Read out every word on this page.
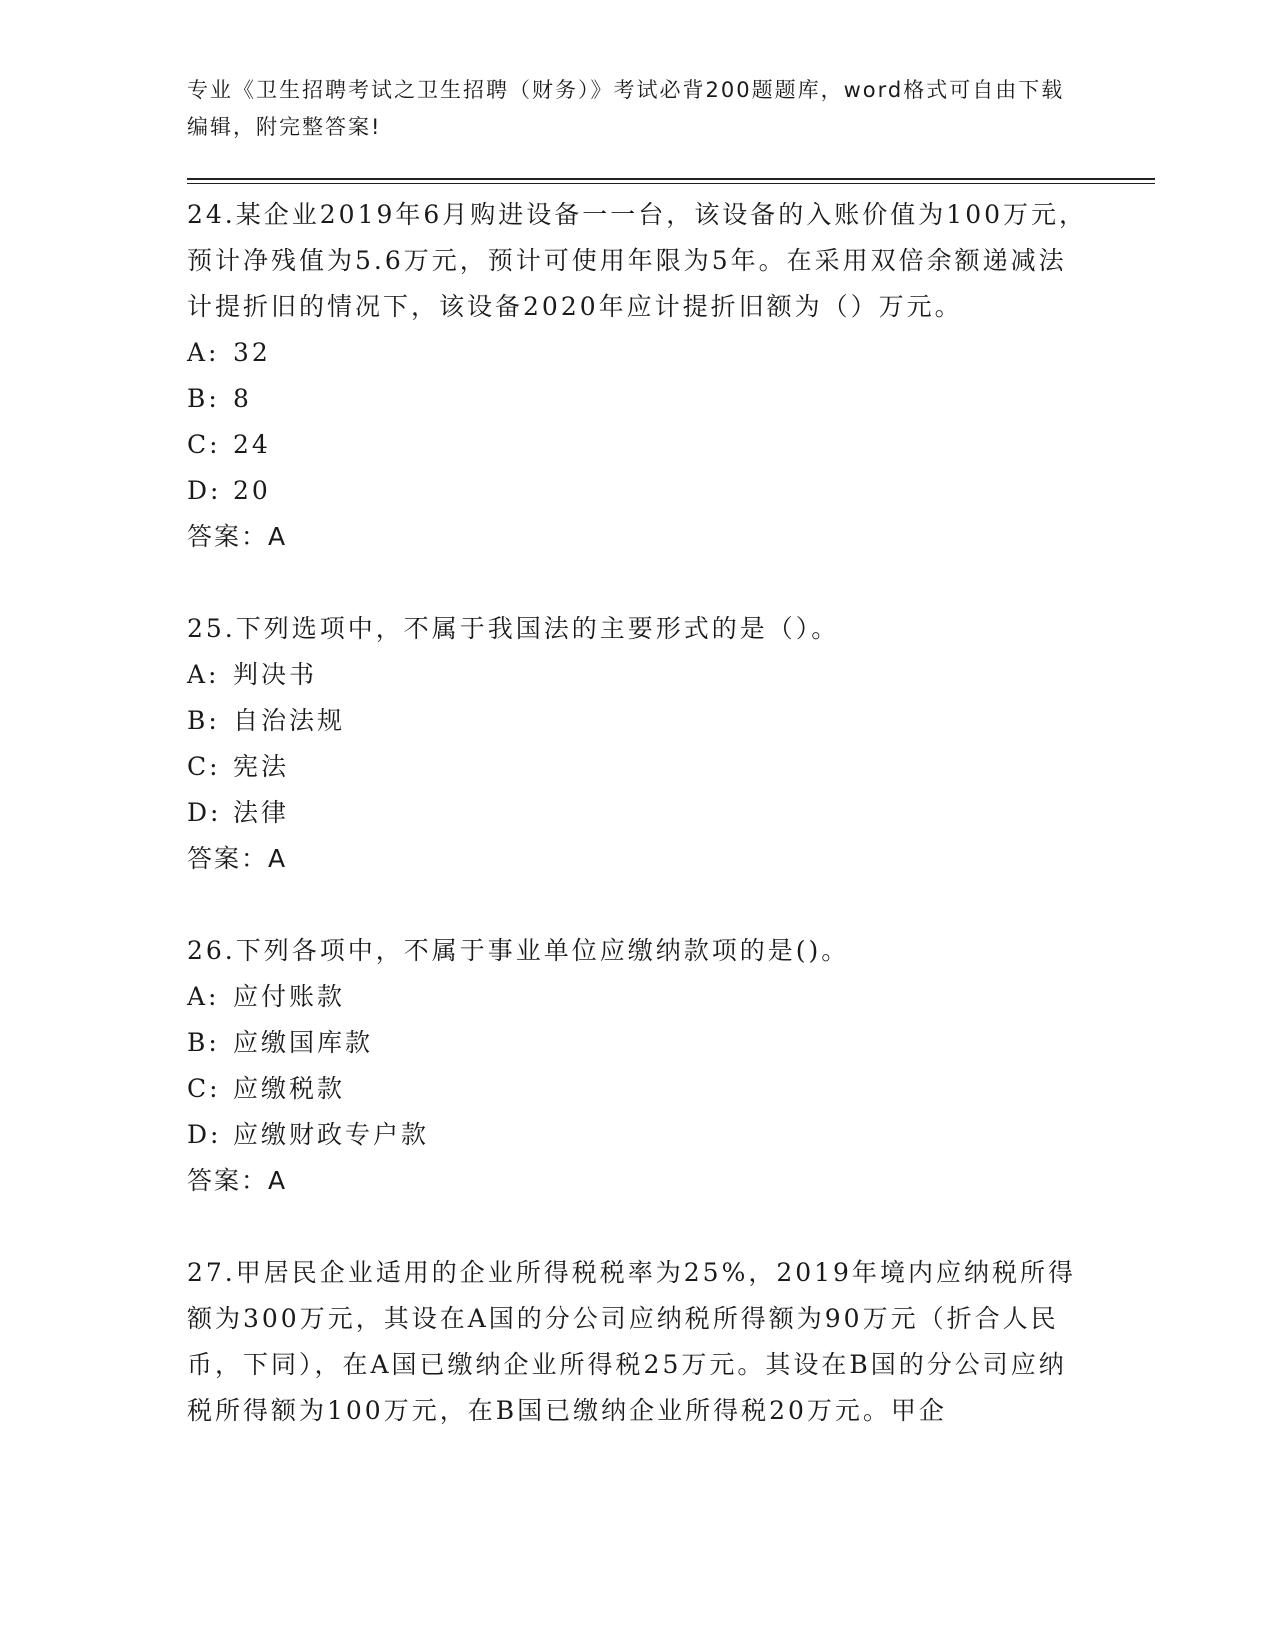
专业《卫生招聘考试之卫生招聘（财务）》考试必背200题题库，word格式可自由下载编辑，附完整答案!

24.某企业2019年6月购进设备一一台，该设备的入账价值为100万元，预计净残值为5.6万元，预计可使用年限为5年。在采用双倍余额递减法计提折旧的情况下，该设备2020年应计提折旧额为（）万元。

A: 32

B: 8

C: 24

D: 20

答案：A

25.下列选项中，不属于我国法的主要形式的是（）。

A: 判决书

B: 自治法规

C: 宪法

D: 法律

答案：A

26.下列各项中，不属于事业单位应缴纳款项的是()。

A: 应付账款

B: 应缴国库款

C: 应缴税款

D: 应缴财政专户款

答案：A

27.甲居民企业适用的企业所得税税率为25%，2019年境内应纳税所得额为300万元，其设在A国的分公司应纳税所得额为90万元（折合人民币，下同），在A国已缴纳企业所得税25万元。其设在B国的分公司应纳税所得额为100万元，在B国已缴纳企业所得税20万元。甲企
